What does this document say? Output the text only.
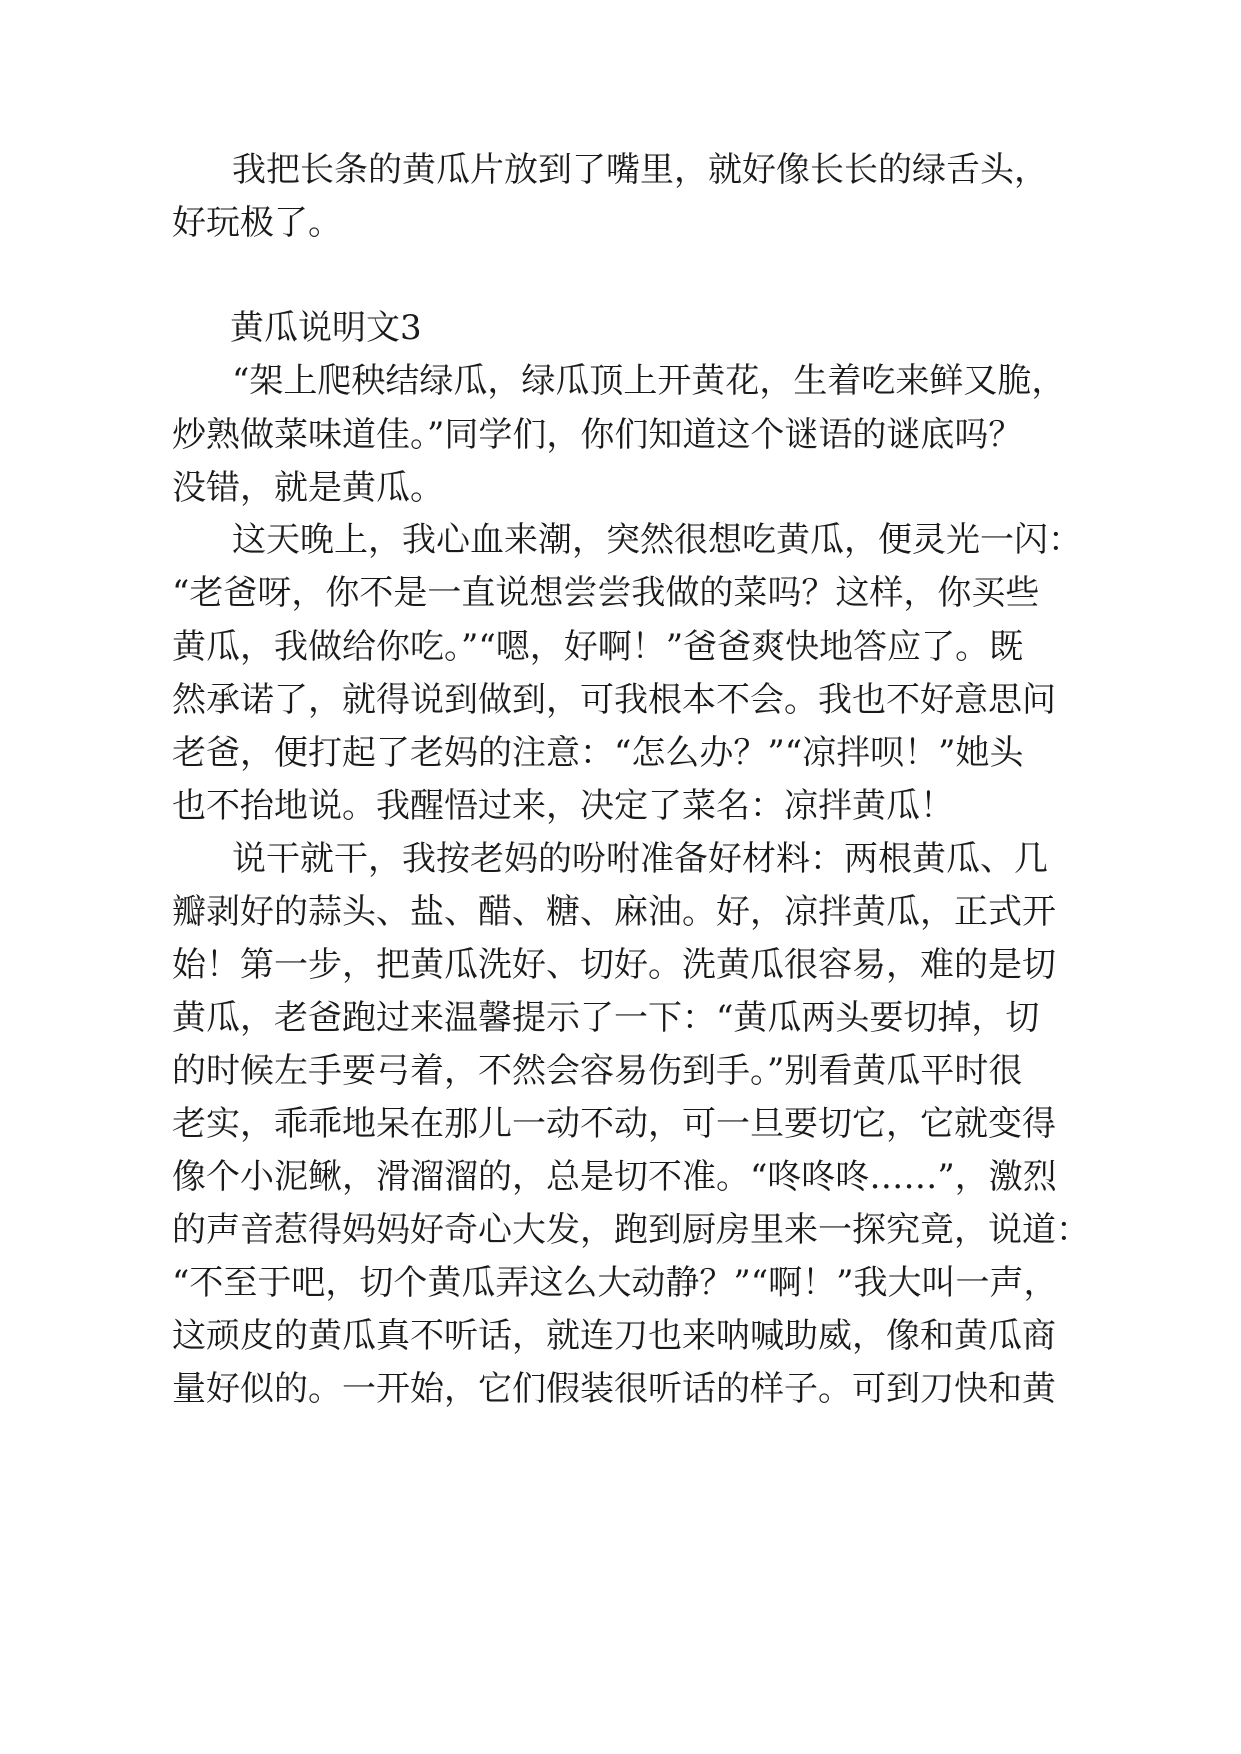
我把长条的黄瓜片放到了嘴里，就好像长长的绿舌头，

好玩极了。

黄瓜说明文3

“架上爬秧结绿瓜，绿瓜顶上开黄花，生着吃来鲜又脆，

炒熟做菜味道佳。”同学们，你们知道这个谜语的谜底吗？

没错，就是黄瓜。

这天晚上，我心血来潮，突然很想吃黄瓜，便灵光一闪：

“老爸呀，你不是一直说想尝尝我做的菜吗？这样，你买些

黄瓜，我做给你吃。”“嗯，好啊！”爸爸爽快地答应了。既

然承诺了，就得说到做到，可我根本不会。我也不好意思问

老爸，便打起了老妈的注意：“怎么办？”“凉拌呗！”她头

也不抬地说。我醒悟过来，决定了菜名：凉拌黄瓜！

说干就干，我按老妈的吩咐准备好材料：两根黄瓜、几

瓣剥好的蒜头、盐、醋、糖、麻油。好，凉拌黄瓜，正式开

始！第一步，把黄瓜洗好、切好。洗黄瓜很容易，难的是切

黄瓜，老爸跑过来温馨提示了一下：“黄瓜两头要切掉，切

的时候左手要弓着，不然会容易伤到手。”别看黄瓜平时很

老实，乖乖地呆在那儿一动不动，可一旦要切它，它就变得

像个小泥鳅，滑溜溜的，总是切不准。“咚咚咚……”，激烈

的声音惹得妈妈好奇心大发，跑到厨房里来一探究竟，说道：

“不至于吧，切个黄瓜弄这么大动静？”“啊！”我大叫一声，

这顽皮的黄瓜真不听话，就连刀也来呐喊助威，像和黄瓜商

量好似的。一开始，它们假装很听话的样子。可到刀快和黄
